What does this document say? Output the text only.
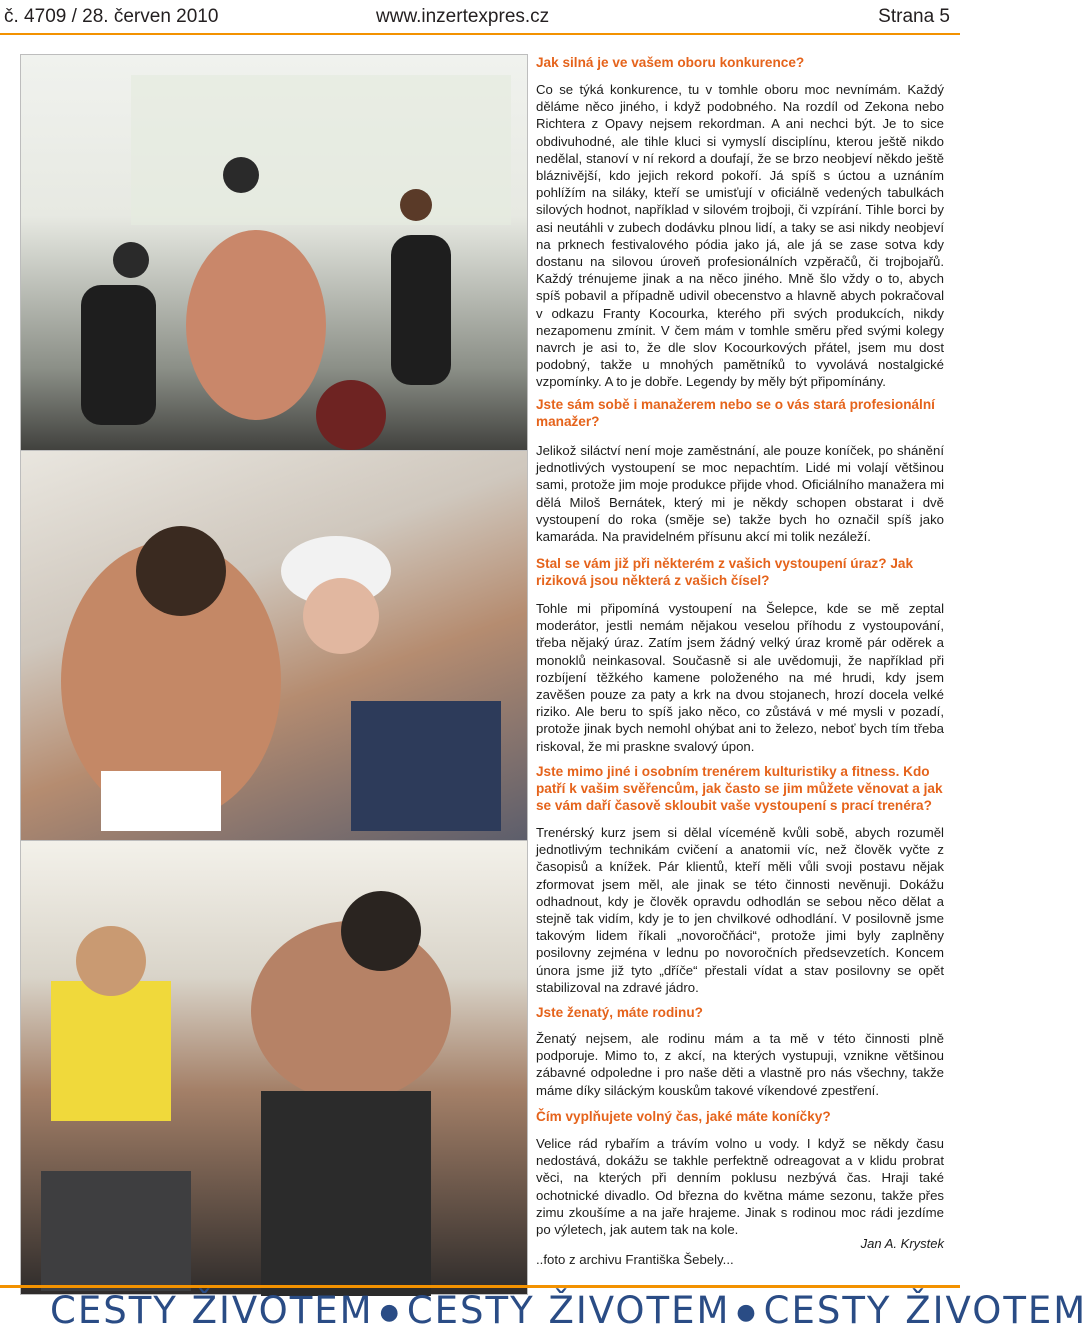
č. 4709 / 28. červen 2010	www.inzertexpres.cz	Strana 5
Jak silná je ve vašem oboru konkurence?
Co se týká konkurence, tu v tomhle oboru moc nevnímám. Každý děláme něco jiného, i když podobného. Na rozdíl od Zekona nebo Richtera z Opavy nejsem rekordman. A ani nechci být. Je to sice obdivuhodné, ale tihle kluci si vymyslí disciplínu, kterou ještě nikdo nedělal, stanoví v ní rekord a doufají, že se brzo neobjeví někdo ještě bláznivější, kdo jejich rekord pokoří. Já spíš s úctou a uznáním pohlížím na siláky, kteří se umisťují v oficiálně vedených tabulkách silových hodnot, například v silovém trojboji, či vzpírání. Tihle borci by asi neutáhli v zubech dodávku plnou lidí, a taky se asi nikdy neobjeví na prknech festivalového pódia jako já, ale já se zase sotva kdy dostanu na silovou úroveň profesionálních vzpěračů, či trojbojařů. Každý trénujeme jinak a na něco jiného. Mně šlo vždy o to, abych spíš pobavil a případně udivil obecenstvo a hlavně abych pokračoval v odkazu Franty Kocourka, kterého při svých produkcích, nikdy nezapomenu zmínit. V čem mám v tomhle směru před svými kolegy navrch je asi to, že dle slov Kocourkových přátel, jsem mu dost podobný, takže u mnohých pamětníků to vyvolává nostalgické vzpomínky. A to je dobře. Legendy by měly být připomínány.
Jste sám sobě i manažerem nebo se o vás stará profesionální manažer?
Jelikož siláctví není moje zaměstnání, ale pouze koníček, po shánění jednotlivých vystoupení se moc nepachtím. Lidé mi volají většinou sami, protože jim moje produkce přijde vhod. Oficiálního manažera mi dělá Miloš Bernátek, který mi je někdy schopen obstarat i dvě vystoupení do roka (směje se) takže bych ho označil spíš jako kamaráda. Na pravidelném přísunu akcí mi tolik nezáleží.
Stal se vám již při některém z vašich vystoupení úraz? Jak riziková jsou některá z vašich čísel?
Tohle mi připomíná vystoupení na Šelepce, kde se mě zeptal moderátor, jestli nemám nějakou veselou příhodu z vystoupování, třeba nějaký úraz. Zatím jsem žádný velký úraz kromě pár oděrek a monoklů neinkasoval. Současně si ale uvědomuji, že například při rozbíjení těžkého kamene položeného na mé hrudi, kdy jsem zavěšen pouze za paty a krk na dvou stojanech, hrozí docela velké riziko. Ale beru to spíš jako něco, co zůstává v mé mysli v pozadí, protože jinak bych nemohl ohýbat ani to železo, neboť bych tím třeba riskoval, že mi praskne svalový úpon.
Jste mimo jiné i osobním trenérem kulturistiky a fitness. Kdo patří k vašim svěřencům, jak často se jim můžete věnovat a jak se vám daří časově skloubit vaše vystoupení s prací trenéra?
Trenérský kurz jsem si dělal víceméně kvůli sobě, abych rozuměl jednotlivým technikám cvičení a anatomii víc, než člověk vyčte z časopisů a knížek. Pár klientů, kteří měli vůli svoji postavu nějak zformovat jsem měl, ale jinak se této činnosti nevěnuji. Dokážu odhadnout, kdy je člověk opravdu odhodlán se sebou něco dělat a stejně tak vidím, kdy je to jen chvilkové odhodlání. V posilovně jsme takovým lidem říkali „novoročňáci“, protože jimi byly zaplněny posilovny zejména v lednu po novoročních předsevzetích. Koncem února jsme již tyto „dříče“ přestali vídat a stav posilovny se opět stabilizoval na zdravé jádro.
Jste ženatý, máte rodinu?
Ženatý nejsem, ale rodinu mám a ta mě v této činnosti plně podporuje. Mimo to, z akcí, na kterých vystupuji, vznikne většinou zábavné odpoledne i pro naše děti a vlastně pro nás všechny, takže máme díky siláckým kouskům takové víkendové zpestření.
Čím vyplňujete volný čas, jaké máte koníčky?
Velice rád rybařím a trávím volno u vody. I když se někdy času nedostává, dokážu se takhle perfektně odreagovat a v klidu probrat věci, na kterých při denním poklusu nezbývá čas. Hraji také ochotnické divadlo. Od března do května máme sezonu, takže přes zimu zkoušíme a na jaře hrajeme. Jinak s rodinou moc rádi jezdíme po výletech, jak autem tak na kole.
Jan A. Krystek
..foto z archivu Františka Šebely...
CESTY ŽIVOTEM ● CESTY ŽIVOTEM ● CESTY ŽIVOTEM
